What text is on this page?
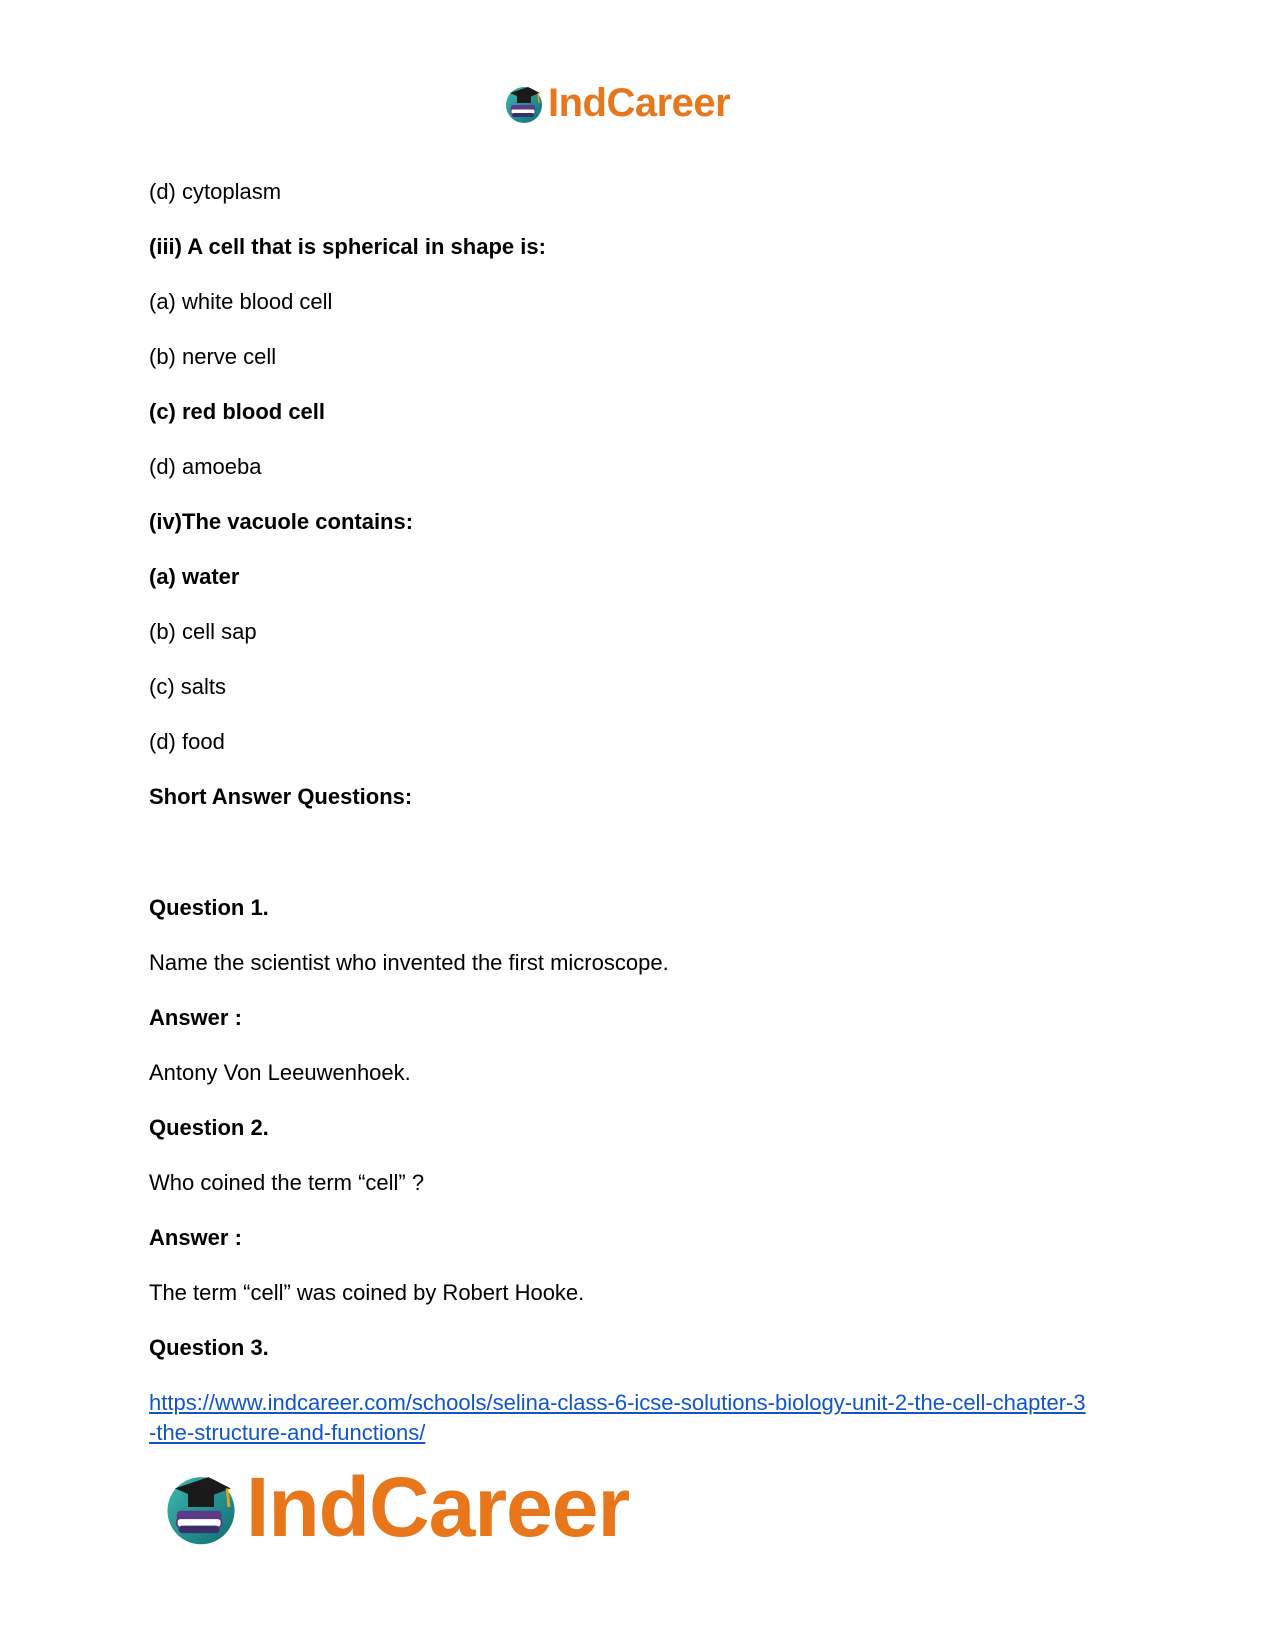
IndCareer
(d) cytoplasm
(iii) A cell that is spherical in shape is:
(a) white blood cell
(b) nerve cell
(c) red blood cell
(d) amoeba
(iv)The vacuole contains:
(a) water
(b) cell sap
(c) salts
(d) food
Short Answer Questions:
Question 1.
Name the scientist who invented the first microscope.
Answer :
Antony Von Leeuwenhoek.
Question 2.
Who coined the term “cell” ?
Answer :
The term “cell” was coined by Robert Hooke.
Question 3.
https://www.indcareer.com/schools/selina-class-6-icse-solutions-biology-unit-2-the-cell-chapter-3
-the-structure-and-functions/
IndCareer
